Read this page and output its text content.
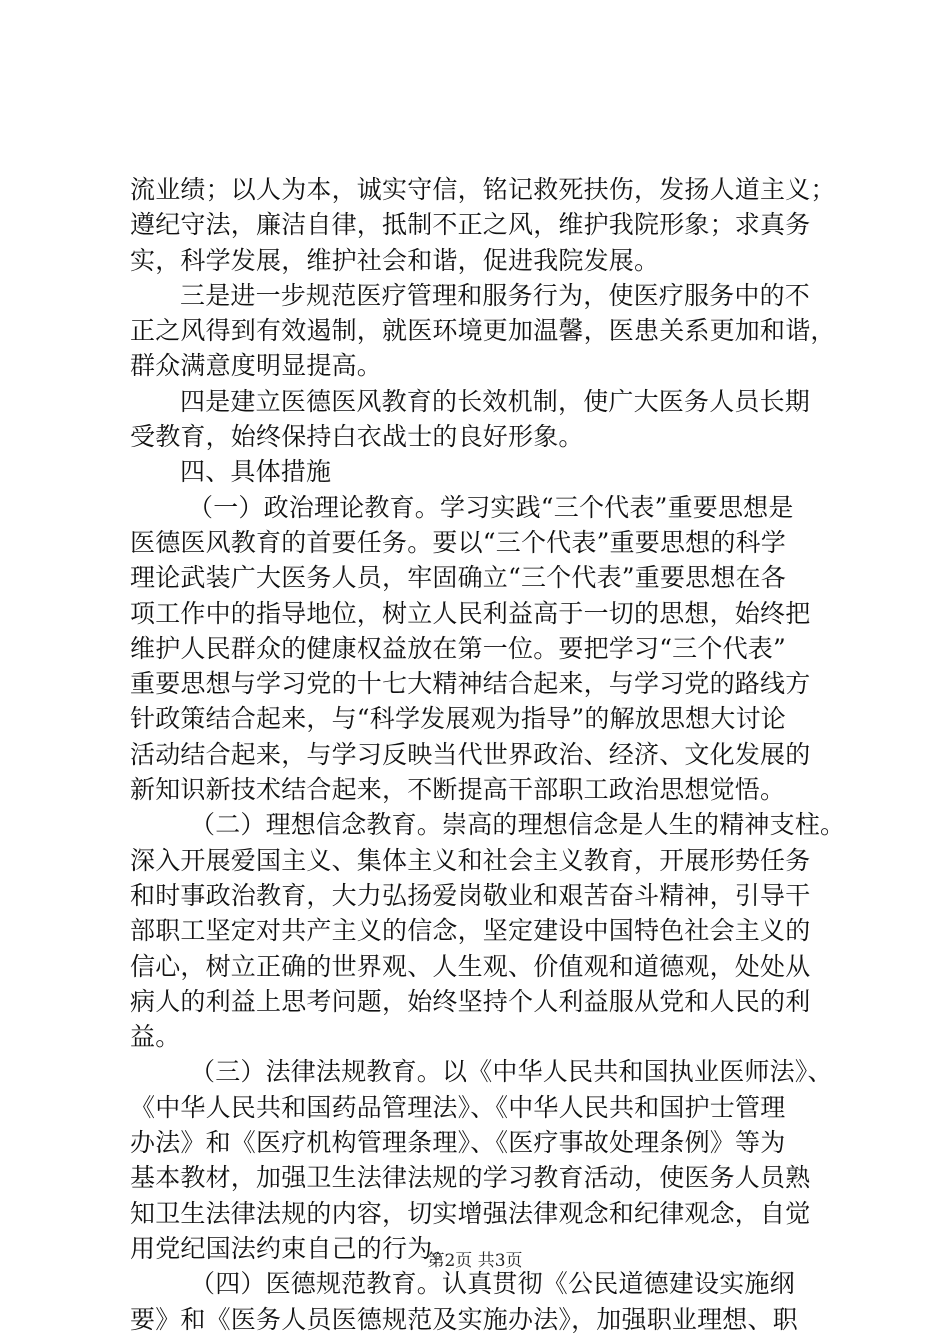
流业绩；以人为本，诚实守信，铭记救死扶伤，发扬人道主义；
遵纪守法，廉洁自律，抵制不正之风，维护我院形象；求真务
实，科学发展，维护社会和谐，促进我院发展。
三是进一步规范医疗管理和服务行为，使医疗服务中的不
正之风得到有效遏制，就医环境更加温馨，医患关系更加和谐，
群众满意度明显提高。
四是建立医德医风教育的长效机制，使广大医务人员长期
受教育，始终保持白衣战士的良好形象。
四、具体措施
（一）政治理论教育。学习实践“三个代表”重要思想是
医德医风教育的首要任务。要以“三个代表”重要思想的科学
理论武装广大医务人员，牢固确立“三个代表”重要思想在各
项工作中的指导地位，树立人民利益高于一切的思想，始终把
维护人民群众的健康权益放在第一位。要把学习“三个代表”
重要思想与学习党的十七大精神结合起来，与学习党的路线方
针政策结合起来，与“科学发展观为指导”的解放思想大讨论
活动结合起来，与学习反映当代世界政治、经济、文化发展的
新知识新技术结合起来，不断提高干部职工政治思想觉悟。
（二）理想信念教育。崇高的理想信念是人生的精神支柱。
深入开展爱国主义、集体主义和社会主义教育，开展形势任务
和时事政治教育，大力弘扬爱岗敬业和艰苦奋斗精神，引导干
部职工坚定对共产主义的信念，坚定建设中国特色社会主义的
信心，树立正确的世界观、人生观、价值观和道德观，处处从
病人的利益上思考问题，始终坚持个人利益服从党和人民的利
益。
（三）法律法规教育。以《中华人民共和国执业医师法》、
《中华人民共和国药品管理法》、《中华人民共和国护士管理
办法》和《医疗机构管理条理》、《医疗事故处理条例》等为
基本教材，加强卫生法律法规的学习教育活动，使医务人员熟
知卫生法律法规的内容，切实增强法律观念和纪律观念，自觉
用党纪国法约束自己的行为。
（四）医德规范教育。认真贯彻《公民道德建设实施纲
要》和《医务人员医德规范及实施办法》，加强职业理想、职
第2页 共3页
